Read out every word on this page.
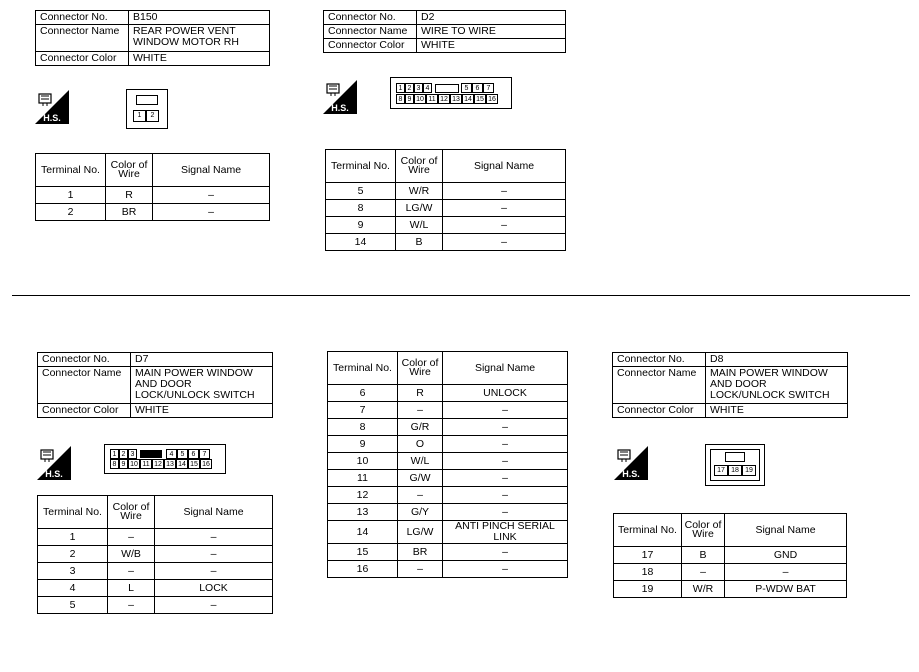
Connector No.	B150
Connector Name	REAR POWER VENT WINDOW MOTOR RH
Connector Color	WHITE
H.S.	1	2
Terminal No.	Color of Wire	Signal Name
1	R	–
2	BR	–
Connector No.	D2
Connector Name	WIRE TO WIRE
Connector Color	WHITE
H.S.
1 2 3 4	5	6	7
8 9 10 11 12 13 14 15 16
Terminal No.	Color of Wire	Signal Name
5	W/R	–
8	LG/W	–
9	W/L	–
14	B	–
Connector No.	D7
Connector Name	MAIN POWER WINDOW AND DOOR LOCK/UNLOCK SWITCH
Connector Color	WHITE
H.S.
1 2 3	4	5	6	7
8 9 10 11 12 13 14 15 16
Terminal No.	Color of Wire	Signal Name
1	–	–
2	W/B	–
3	–	–
4	L	LOCK
5	–	–
Terminal No.	Color of Wire	Signal Name
6	R	UNLOCK
7	–	–
8	G/R	–
9	O	–
10	W/L	–
11	G/W	–
12	–	–
13	G/Y	–
14	LG/W	ANTI PINCH SERIAL LINK
15	BR	–
16	–	–
Connector No.	D8
Connector Name	MAIN POWER WINDOW AND DOOR LOCK/UNLOCK SWITCH
Connector Color	WHITE
H.S.	17 18 19
Terminal No.	Color of Wire	Signal Name
17	B	GND
18	–	–
19	W/R	P-WDW BAT
